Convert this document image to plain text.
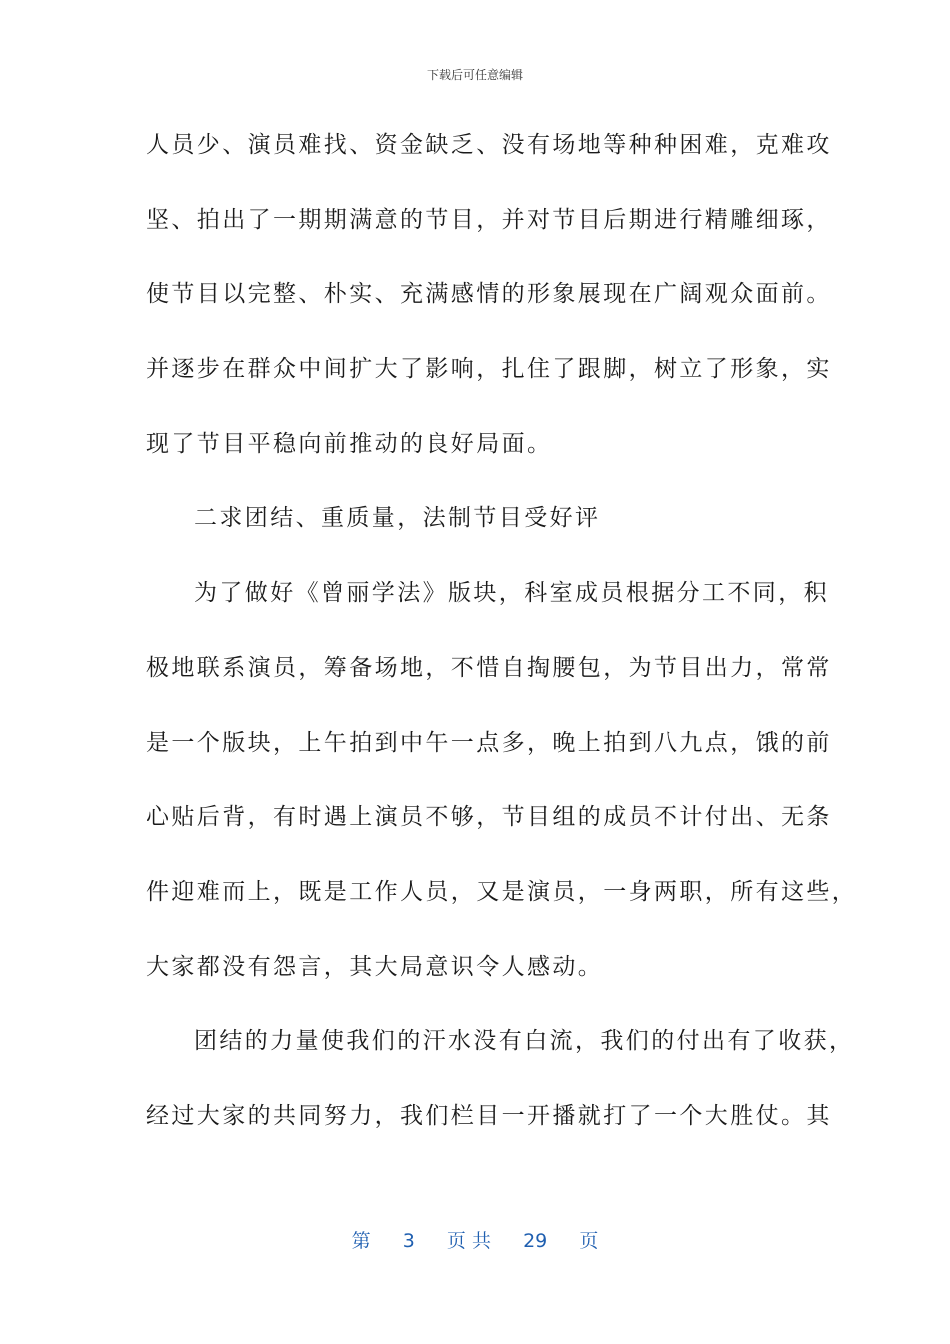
下载后可任意编辑
人员少、演员难找、资金缺乏、没有场地等种种困难，克难攻
坚、拍出了一期期满意的节目，并对节目后期进行精雕细琢，
使节目以完整、朴实、充满感情的形象展现在广阔观众面前。
并逐步在群众中间扩大了影响，扎住了跟脚，树立了形象，实
现了节目平稳向前推动的良好局面。
二求团结、重质量，法制节目受好评
为了做好《曾丽学法》版块，科室成员根据分工不同，积
极地联系演员，筹备场地，不惜自掏腰包，为节目出力，常常
是一个版块，上午拍到中午一点多，晚上拍到八九点，饿的前
心贴后背，有时遇上演员不够，节目组的成员不计付出、无条
件迎难而上，既是工作人员，又是演员，一身两职，所有这些，
大家都没有怨言，其大局意识令人感动。
团结的力量使我们的汗水没有白流，我们的付出有了收获，
经过大家的共同努力，我们栏目一开播就打了一个大胜仗。其
第 3 页 共 29 页
